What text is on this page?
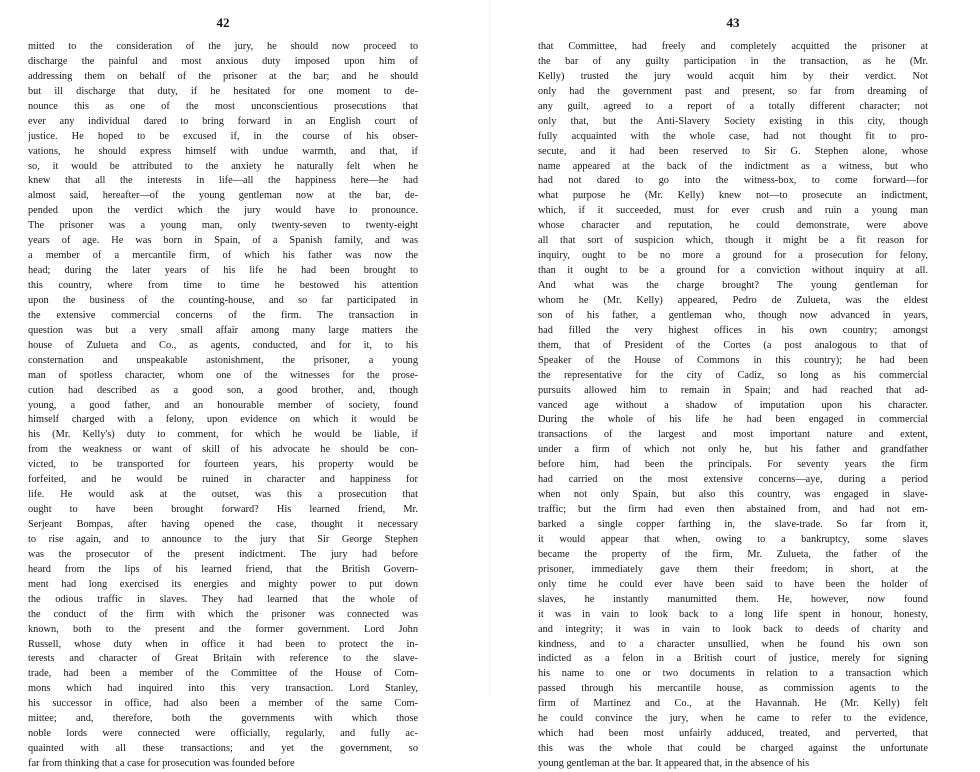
42
mitted to the consideration of the jury, he should now proceed to
discharge the painful and most anxious duty imposed upon him of
addressing them on behalf of the prisoner at the bar; and he should
but ill discharge that duty, if he hesitated for one moment to de-
nounce this as one of the most unconscientious prosecutions that
ever any individual dared to bring forward in an English court of
justice. He hoped to be excused if, in the course of his obser-
vations, he should express himself with undue warmth, and that, if
so, it would be attributed to the anxiety he naturally felt when he
knew that all the interests in life—all the happiness here—he had
almost said, hereafter—of the young gentleman now at the bar, de-
pended upon the verdict which the jury would have to pronounce.
The prisoner was a young man, only twenty-seven to twenty-eight
years of age. He was born in Spain, of a Spanish family, and was
a member of a mercantile firm, of which his father was now the
head; during the later years of his life he had been brought to
this country, where from time to time he bestowed his attention
upon the business of the counting-house, and so far participated in
the extensive commercial concerns of the firm. The transaction in
question was but a very small affair among many large matters the
house of Zulueta and Co., as agents, conducted, and for it, to his
consternation and unspeakable astonishment, the prisoner, a young
man of spotless character, whom one of the witnesses for the prose-
cution had described as a good son, a good brother, and, though
young, a good father, and an honourable member of society, found
himself charged with a felony, upon evidence on which it would be
his (Mr. Kelly's) duty to comment, for which he would be liable, if
from the weakness or want of skill of his advocate he should be con-
victed, to be transported for fourteen years, his property would be
forfeited, and he would be ruined in character and happiness for
life. He would ask at the outset, was this a prosecution that
ought to have been brought forward? His learned friend, Mr.
Serjeant Bompas, after having opened the case, thought it necessary
to rise again, and to announce to the jury that Sir George Stephen
was the prosecutor of the present indictment. The jury had before
heard from the lips of his learned friend, that the British Govern-
ment had long exercised its energies and mighty power to put down
the odious traffic in slaves. They had learned that the whole of
the conduct of the firm with which the prisoner was connected was
known, both to the present and the former government. Lord John
Russell, whose duty when in office it had been to protect the in-
terests and character of Great Britain with reference to the slave-
trade, had been a member of the Committee of the House of Com-
mons which had inquired into this very transaction. Lord Stanley,
his successor in office, had also been a member of the same Com-
mittee; and, therefore, both the governments with which those
noble lords were connected were officially, regularly, and fully ac-
quainted with all these transactions; and yet the government, so
far from thinking that a case for prosecution was founded before
43
that Committee, had freely and completely acquitted the prisoner at
the bar of any guilty participation in the transaction, as he (Mr.
Kelly) trusted the jury would acquit him by their verdict. Not
only had the government past and present, so far from dreaming of
any guilt, agreed to a report of a totally different character; not
only that, but the Anti-Slavery Society existing in this city, though
fully acquainted with the whole case, had not thought fit to pro-
secute, and it had been reserved to Sir G. Stephen alone, whose
name appeared at the back of the indictment as a witness, but who
had not dared to go into the witness-box, to come forward—for
what purpose he (Mr. Kelly) knew not—to prosecute an indictment,
which, if it succeeded, must for ever crush and ruin a young man
whose character and reputation, he could demonstrate, were above
all that sort of suspicion which, though it might be a fit reason for
inquiry, ought to be no more a ground for a prosecution for felony,
than it ought to be a ground for a conviction without inquiry at all.
And what was the charge brought? The young gentleman for
whom he (Mr. Kelly) appeared, Pedro de Zulueta, was the eldest
son of his father, a gentleman who, though now advanced in years,
had filled the very highest offices in his own country; amongst
them, that of President of the Cortes (a post analogous to that of
Speaker of the House of Commons in this country); he had been
the representative for the city of Cadiz, so long as his commercial
pursuits allowed him to remain in Spain; and had reached that ad-
vanced age without a shadow of imputation upon his character.
During the whole of his life he had been engaged in commercial
transactions of the largest and most important nature and extent,
under a firm of which not only he, but his father and grandfather
before him, had been the principals. For seventy years the firm
had carried on the most extensive concerns—aye, during a period
when not only Spain, but also this country, was engaged in slave-
traffic; but the firm had even then abstained from, and had not em-
barked a single copper farthing in, the slave-trade. So far from it,
it would appear that when, owing to a bankruptcy, some slaves
became the property of the firm, Mr. Zulueta, the father of the
prisoner, immediately gave them their freedom; in short, at the
only time he could ever have been said to have been the holder of
slaves, he instantly manumitted them. He, however, now found
it was in vain to look back to a long life spent in honour, honesty,
and integrity; it was in vain to look back to deeds of charity and
kindness, and to a character unsullied, when he found his own son
indicted as a felon in a British court of justice, merely for signing
his name to one or two documents in relation to a transaction which
passed through his mercantile house, as commission agents to the
firm of Martinez and Co., at the Havannah. He (Mr. Kelly) felt
he could convince the jury, when he came to refer to the evidence,
which had been most unfairly adduced, treated, and perverted, that
this was the whole that could be charged against the unfortunate
young gentleman at the bar. It appeared that, in the absence of his
